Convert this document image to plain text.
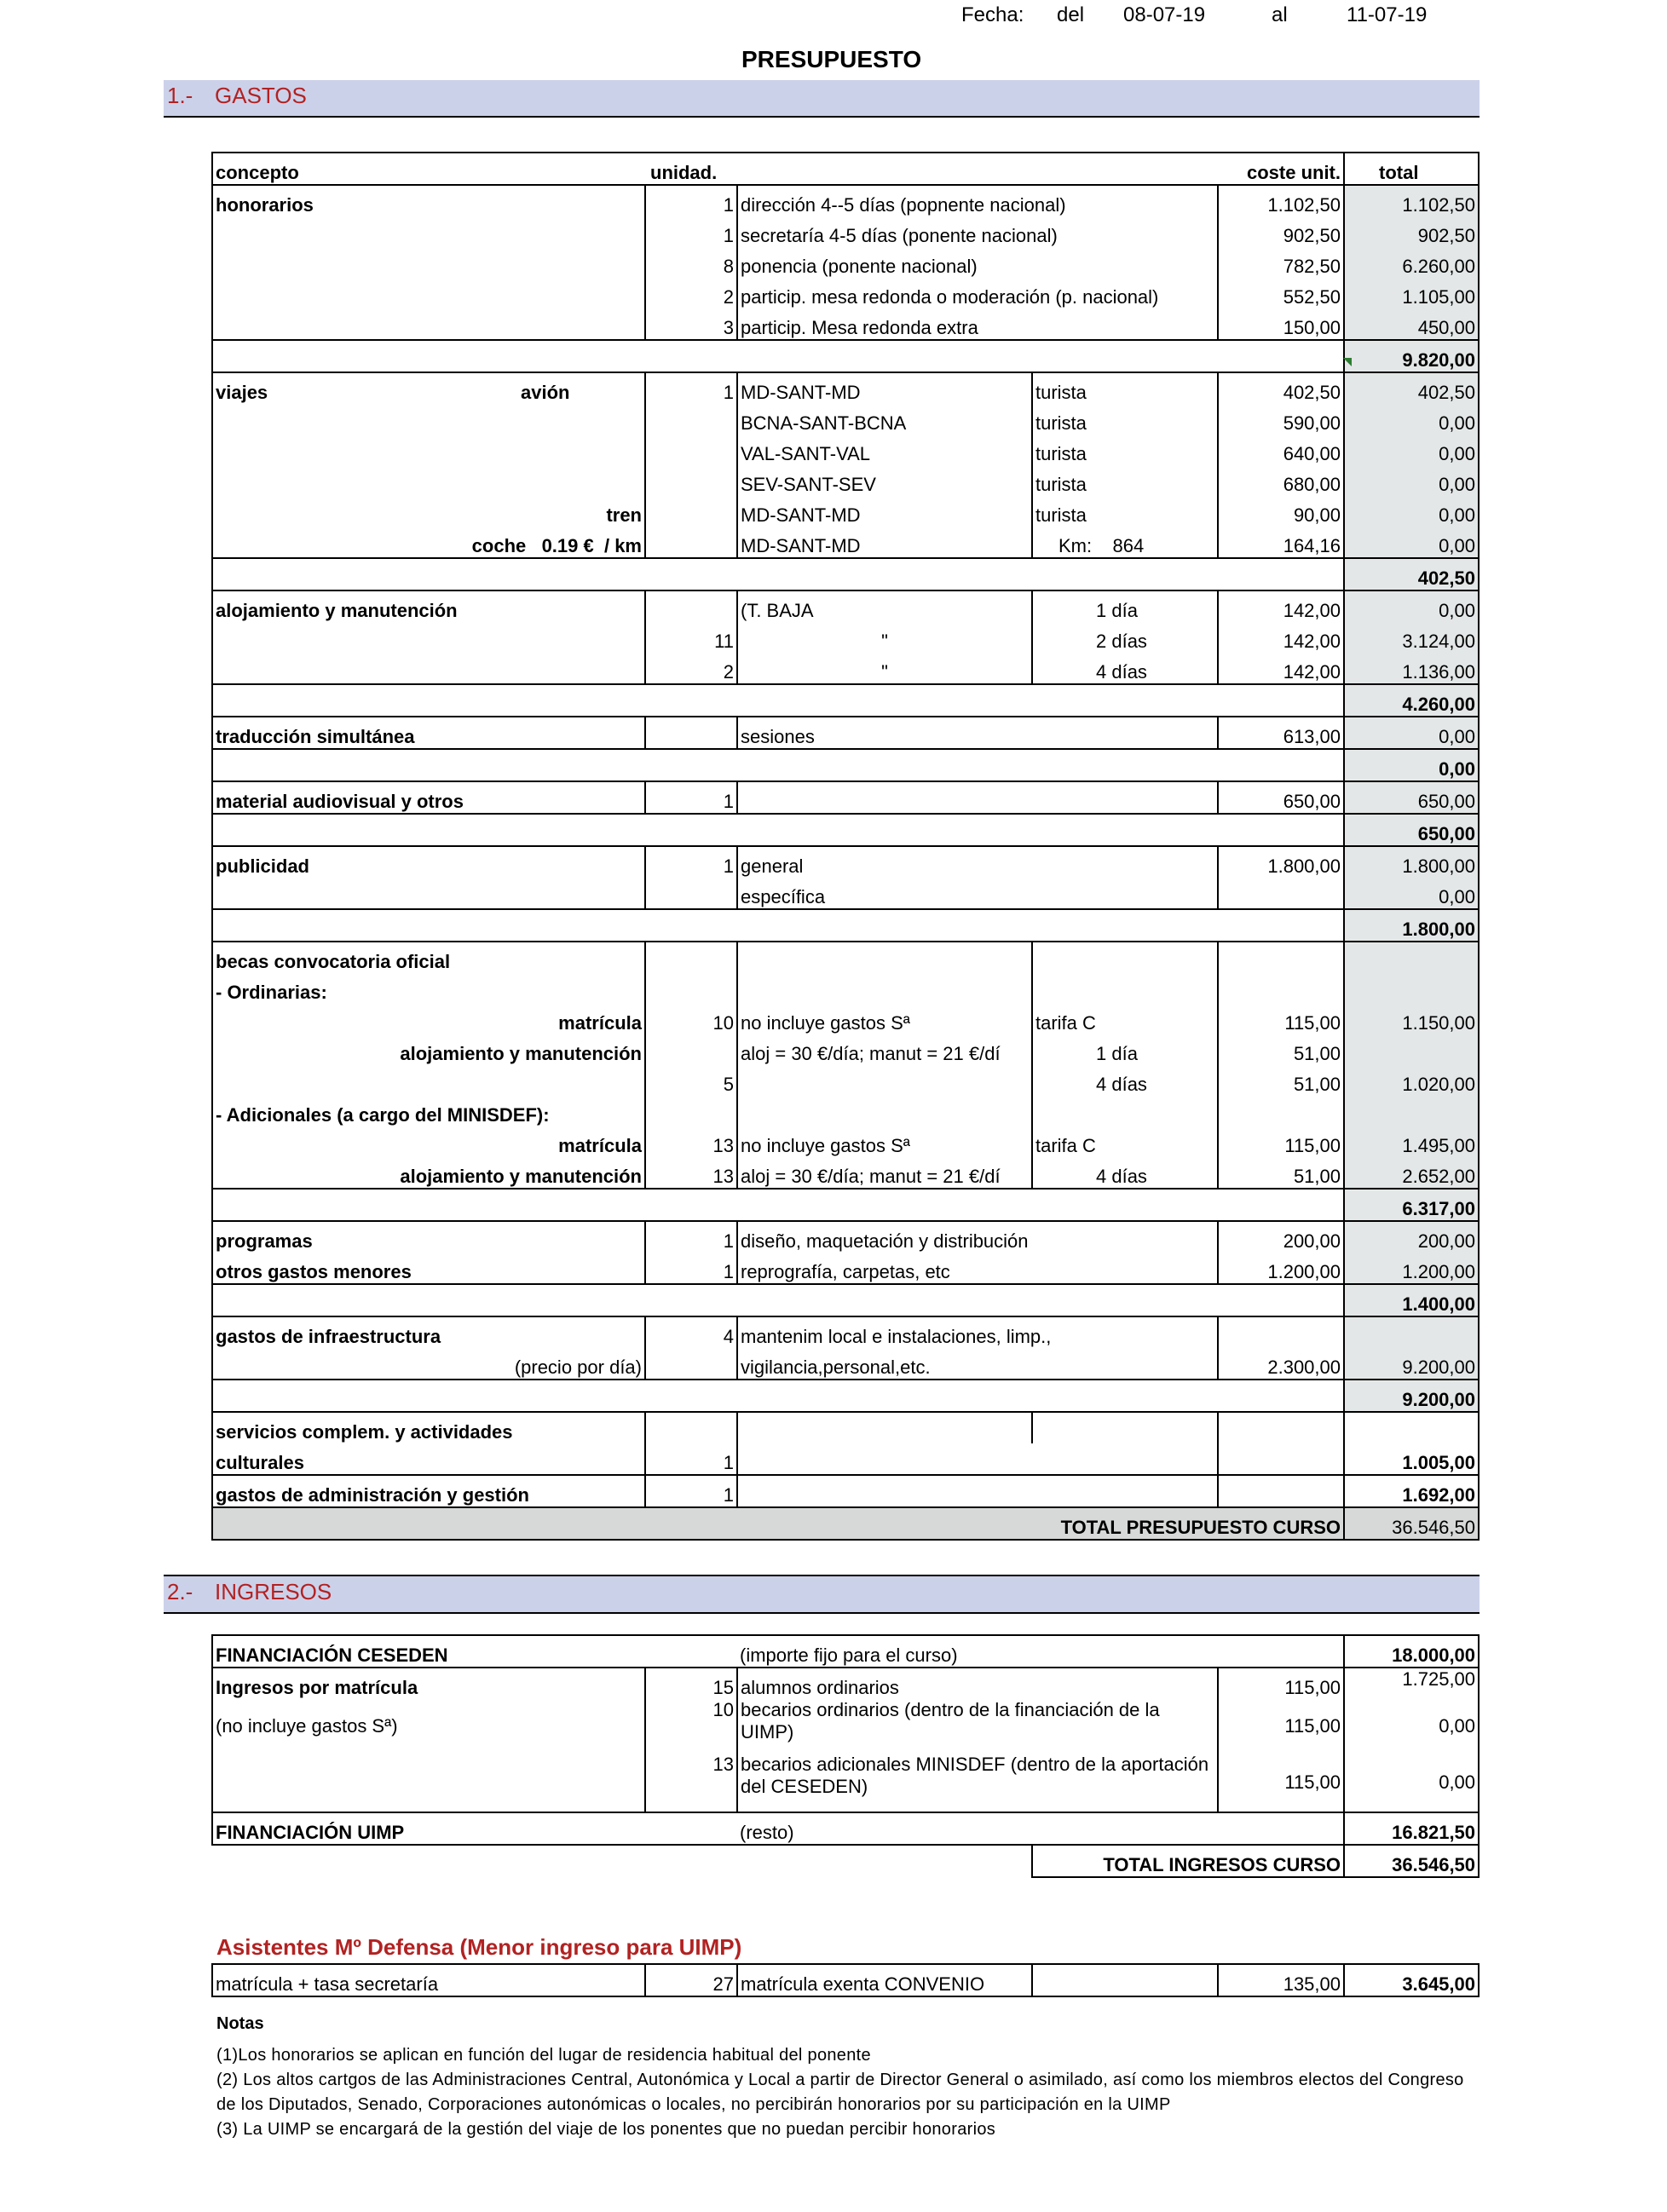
Fecha: del 08-07-19	al	11-07-19
PRESUPUESTO
1.- GASTOS
concepto		unidad.			coste unit.	total
honorarios		1	dirección 4--5 días (popnente nacional)		1.102,50	1.102,50
		1	secretaría 4-5 días (ponente nacional)		902,50	902,50
		8	ponencia (ponente nacional)		782,50	6.260,00
		2	particip. mesa redonda o moderación (p. nacional)		552,50	1.105,00
		3	particip. Mesa redonda extra		150,00	450,00
						9.820,00
viajes	avión	1	MD-SANT-MD	turista	402,50	402,50
			BCNA-SANT-BCNA	turista	590,00	0,00
			VAL-SANT-VAL	turista	640,00	0,00
			SEV-SANT-SEV	turista	680,00	0,00
	tren		MD-SANT-MD	turista	90,00	0,00
	coche   0.19 €  / km		MD-SANT-MD	Km:    864	164,16	0,00
						402,50
alojamiento y manutención			(T. BAJA	1 día	142,00	0,00
		11	"	2 días	142,00	3.124,00
		2	"	4 días	142,00	1.136,00
						4.260,00
traducción simultánea			sesiones		613,00	0,00
						0,00
material audiovisual y otros		1			650,00	650,00
						650,00
publicidad		1	general		1.800,00	1.800,00
			específica			0,00
						1.800,00
becas convocatoria oficial						
- Ordinarias:						
	matrícula	10	no incluye gastos Sª	tarifa C	115,00	1.150,00
alojamiento y manutención			aloj = 30 €/día; manut = 21 €/dí	1 día	51,00	
		5		4 días	51,00	1.020,00
- Adicionales (a cargo del MINISDEF):						
	matrícula	13	no incluye gastos Sª	tarifa C	115,00	1.495,00
alojamiento y manutención		13	aloj = 30 €/día; manut = 21 €/dí	4 días	51,00	2.652,00
						6.317,00
programas		1	diseño, maquetación y distribución		200,00	200,00
otros gastos menores		1	reprografía, carpetas, etc		1.200,00	1.200,00
						1.400,00
gastos de infraestructura		4	mantenim local e instalaciones, limp.,			
	(precio por día)		vigilancia,personal,etc.		2.300,00	9.200,00
						9.200,00
servicios complem. y actividades						
culturales		1				1.005,00
gastos de administración y gestión		1				1.692,00
				TOTAL PRESUPUESTO CURSO		36.546,50
2.- INGRESOS
FINANCIACIÓN CESEDEN		(importe fijo para el curso)			18.000,00
Ingresos por matrícula	15	alumnos ordinarios		115,00	1.725,00
(no incluye gastos Sª)	10	becarios ordinarios (dentro de la financiación de la UIMP)		115,00	0,00
	13	becarios adicionales MINISDEF (dentro de la aportación del CESEDEN)		115,00	0,00
FINANCIACIÓN UIMP		(resto)			16.821,50
			TOTAL INGRESOS CURSO		36.546,50
Asistentes Mº Defensa (Menor ingreso para UIMP)
matrícula + tasa secretaría	27	matrícula exenta CONVENIO		135,00	3.645,00
Notas
(1)Los honorarios se aplican en función del lugar de residencia habitual del ponente
(2) Los altos cartgos de las Administraciones Central, Autonómica y Local a partir de Director General o asimilado, así como los miembros electos del Congreso de los Diputados, Senado, Corporaciones autonómicas o locales, no percibirán honorarios por su participación en la UIMP
(3) La UIMP se encargará de la gestión del viaje de los ponentes que no puedan percibir honorarios
